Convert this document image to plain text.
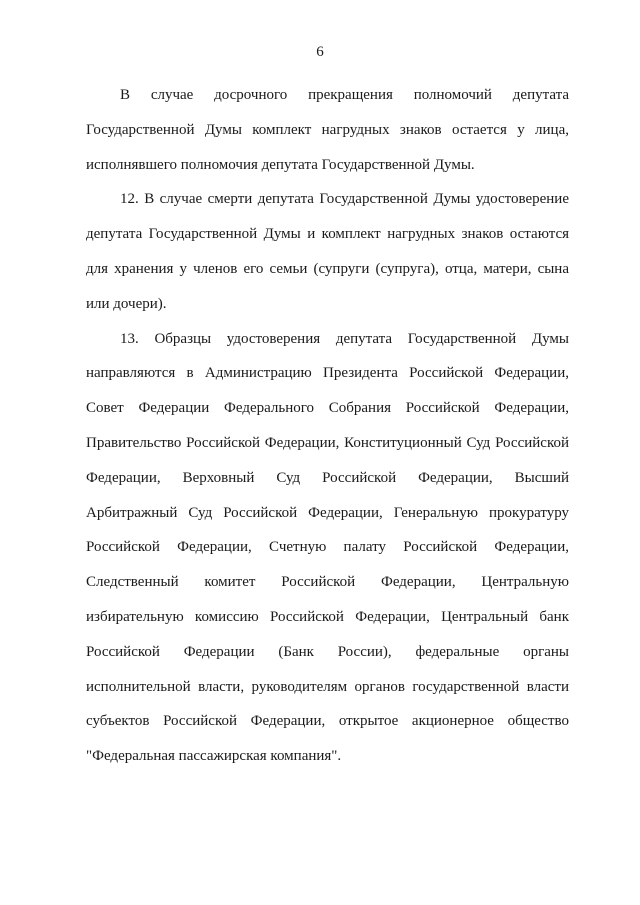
6
В случае досрочного прекращения полномочий депутата
Государственной Думы комплект нагрудных знаков остается у лица,
исполнявшего полномочия депутата Государственной Думы.
12. В случае смерти депутата Государственной Думы удостоверение
депутата Государственной Думы и комплект нагрудных знаков остаются
для хранения у членов его семьи (супруги (супруга), отца, матери, сына
или дочери).
13. Образцы удостоверения депутата Государственной Думы
направляются в Администрацию Президента Российской Федерации,
Совет Федерации Федерального Собрания Российской Федерации,
Правительство Российской Федерации, Конституционный Суд Российской
Федерации, Верховный Суд Российской Федерации, Высший
Арбитражный Суд Российской Федерации, Генеральную прокуратуру
Российской Федерации, Счетную палату Российской Федерации,
Следственный комитет Российской Федерации, Центральную
избирательную комиссию Российской Федерации, Центральный банк
Российской Федерации (Банк России), федеральные органы
исполнительной власти, руководителям органов государственной власти
субъектов Российской Федерации, открытое акционерное общество
"Федеральная пассажирская компания".
